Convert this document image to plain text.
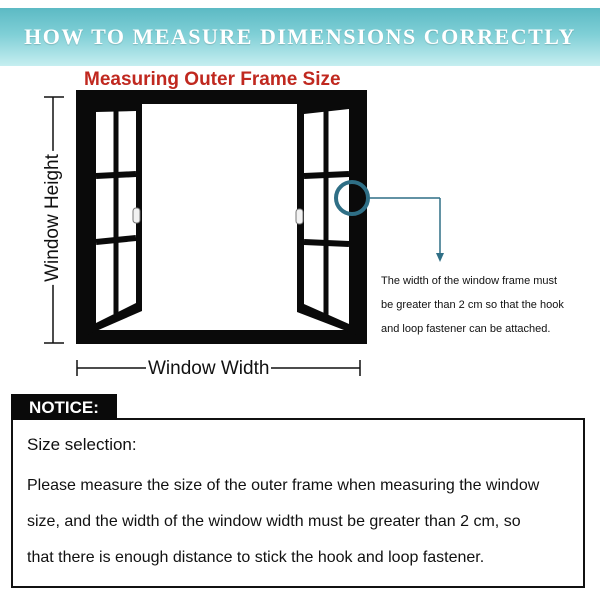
HOW TO MEASURE DIMENSIONS CORRECTLY
Measuring Outer Frame Size
Window Height
Window Width
The width of the window frame must
be greater than 2 cm so that the hook
and loop fastener can be attached.
Size selection:
Please measure the size of the outer frame when measuring the window
size, and the width of the window width must be greater than 2 cm, so
that there is enough distance to stick the hook and loop fastener.
NOTICE:
